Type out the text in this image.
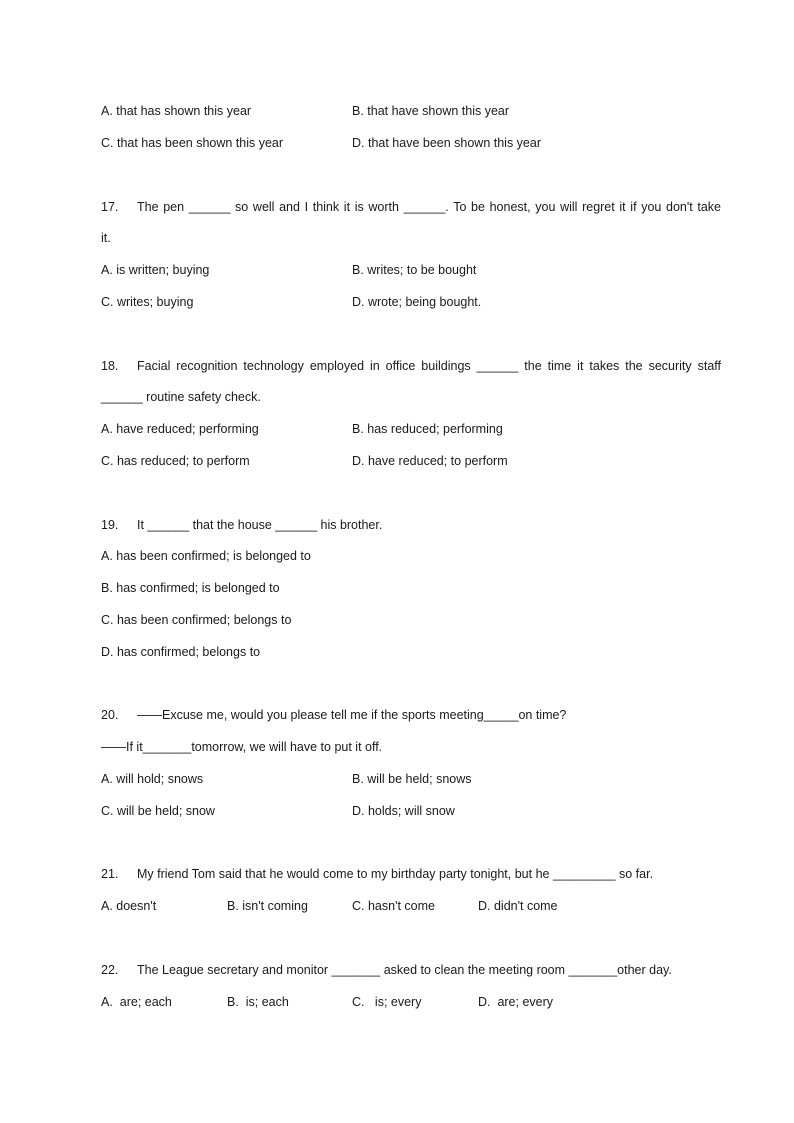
A. that has shown this year	B. that have shown this year
C. that has been shown this year	D. that have been shown this year
17. The pen ______ so well and I think it is worth ______. To be honest, you will regret it if you don't take
it.
A. is written; buying	B. writes; to be bought
C. writes; buying	D. wrote; being bought.
18. Facial recognition technology employed in office buildings ______ the time it takes the security staff
______ routine safety check.
A. have reduced; performing	B. has reduced; performing
C. has reduced; to perform	D. have reduced; to perform
19. It ______ that the house ______ his brother.
A. has been confirmed; is belonged to
B. has confirmed; is belonged to
C. has been confirmed; belongs to
D. has confirmed; belongs to
20. ——Excuse me, would you please tell me if the sports meeting_____on time?
——If it_______tomorrow, we will have to put it off.
A. will hold; snows	B. will be held; snows
C. will be held; snow	D. holds; will snow
21. My friend Tom said that he would come to my birthday party tonight, but he _________ so far.
A. doesn't	B. isn't coming	C. hasn't come	D. didn't come
22. The League secretary and monitor _______ asked to clean the meeting room _______other day.
A.  are; each	B.  is; each	C.   is; every	D.  are; every
